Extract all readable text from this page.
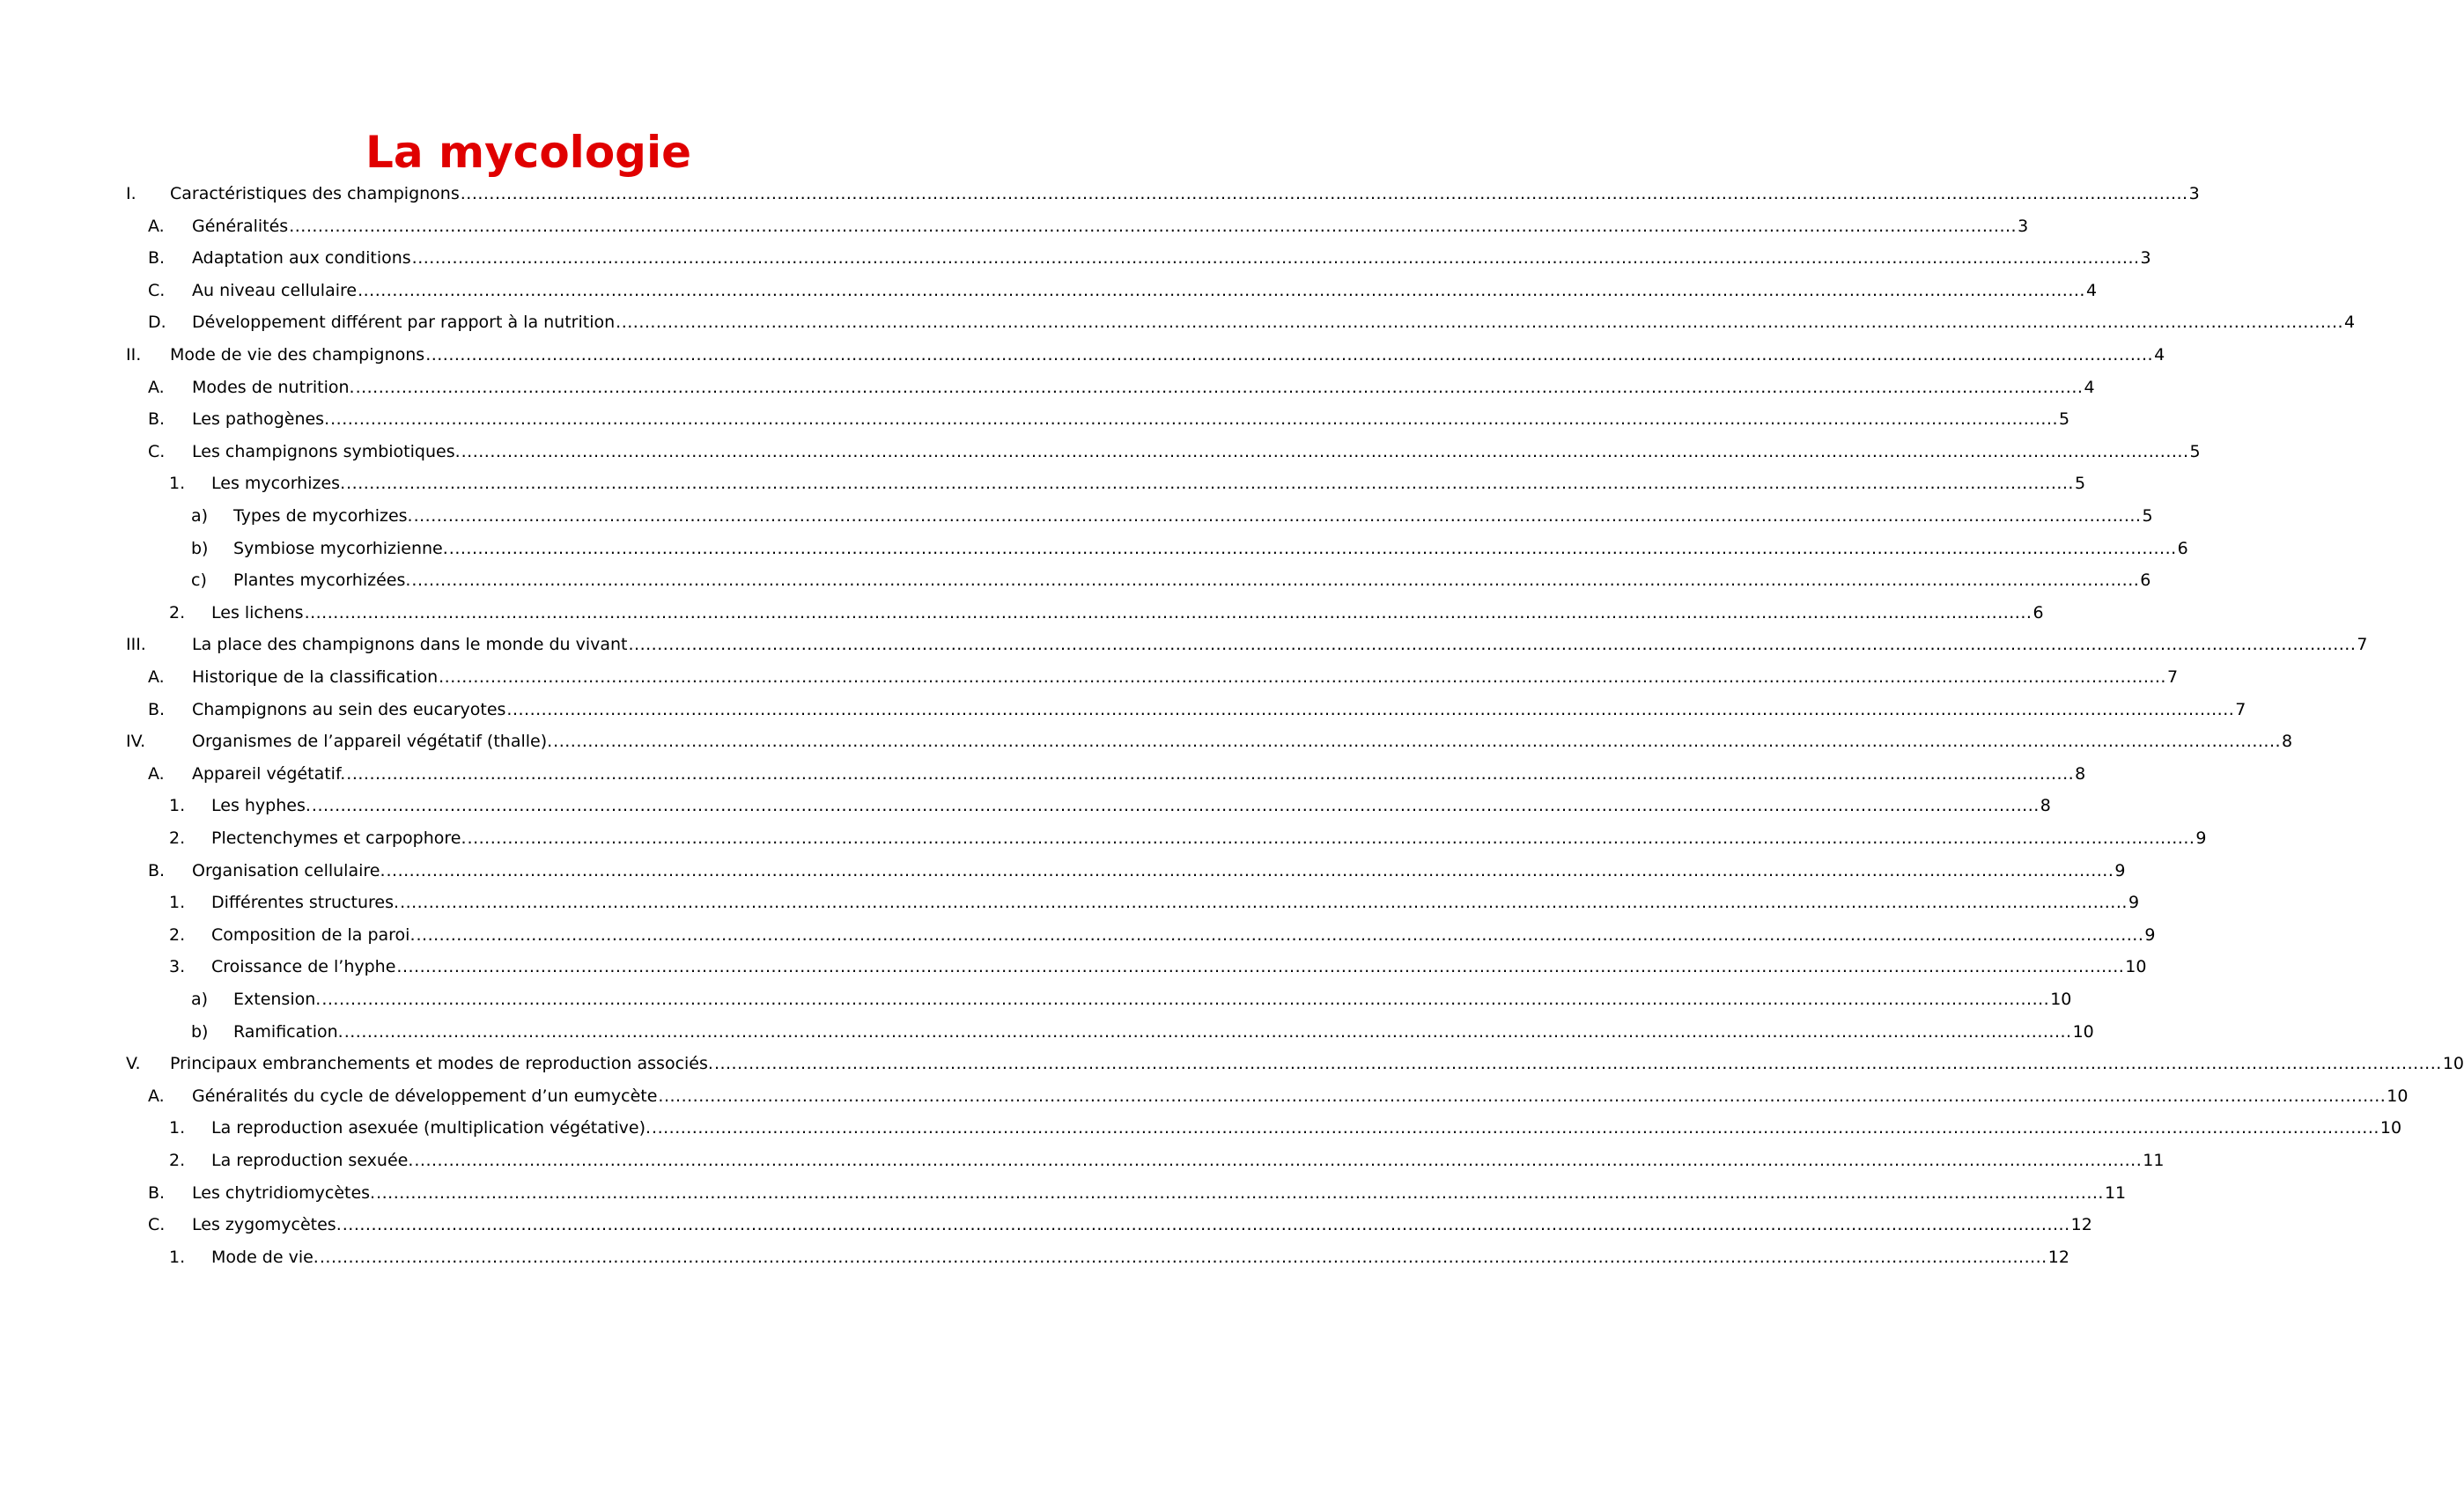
La mycologie
I.	Caractéristiques des champignons ............................................................................................................................................................................................................................................................................................................ 3
A.	Généralités ............................................................................................................................................................................................................................................................................................................ 3
B.	Adaptation aux conditions ............................................................................................................................................................................................................................................................................................................ 3
C.	Au niveau cellulaire ............................................................................................................................................................................................................................................................................................................ 4
D.	Développement différent par rapport à la nutrition ............................................................................................................................................................................................................................................................................................................ 4
II.	Mode de vie des champignons ............................................................................................................................................................................................................................................................................................................ 4
A.	Modes de nutrition. ............................................................................................................................................................................................................................................................................................................ 4
B.	Les pathogènes. ............................................................................................................................................................................................................................................................................................................ 5
C.	Les champignons symbiotiques. ............................................................................................................................................................................................................................................................................................................ 5
1.	Les mycorhizes. ............................................................................................................................................................................................................................................................................................................ 5
a)	Types de mycorhizes. ............................................................................................................................................................................................................................................................................................................ 5
b)	Symbiose mycorhizienne. ............................................................................................................................................................................................................................................................................................................ 6
c)	Plantes mycorhizées. ............................................................................................................................................................................................................................................................................................................ 6
2.	Les lichens ............................................................................................................................................................................................................................................................................................................ 6
III.	La place des champignons dans le monde du vivant ............................................................................................................................................................................................................................................................................................................ 7
A.	Historique de la classification ............................................................................................................................................................................................................................................................................................................ 7
B.	Champignons au sein des eucaryotes ............................................................................................................................................................................................................................................................................................................ 7
IV.	Organismes de l’appareil végétatif (thalle). ............................................................................................................................................................................................................................................................................................................ 8
A.	Appareil végétatif. ............................................................................................................................................................................................................................................................................................................ 8
1.	Les hyphes. ............................................................................................................................................................................................................................................................................................................ 8
2.	Plectenchymes et carpophore. ............................................................................................................................................................................................................................................................................................................ 9
B.	Organisation cellulaire. ............................................................................................................................................................................................................................................................................................................ 9
1.	Différentes structures. ............................................................................................................................................................................................................................................................................................................ 9
2.	Composition de la paroi. ............................................................................................................................................................................................................................................................................................................ 9
3.	Croissance de l’hyphe ............................................................................................................................................................................................................................................................................................................ 10
a)	Extension. ............................................................................................................................................................................................................................................................................................................ 10
b)	Ramification. ............................................................................................................................................................................................................................................................................................................ 10
V.	Principaux embranchements et modes de reproduction associés. ............................................................................................................................................................................................................................................................................................................ 10
A.	Généralités du cycle de développement d’un eumycète ............................................................................................................................................................................................................................................................................................................ 10
1.	La reproduction asexuée (multiplication végétative). ............................................................................................................................................................................................................................................................................................................ 10
2.	La reproduction sexuée. ............................................................................................................................................................................................................................................................................................................ 11
B.	Les chytridiomycètes. ............................................................................................................................................................................................................................................................................................................ 11
C.	Les zygomycètes. ............................................................................................................................................................................................................................................................................................................ 12
1.	Mode de vie. ............................................................................................................................................................................................................................................................................................................ 12
